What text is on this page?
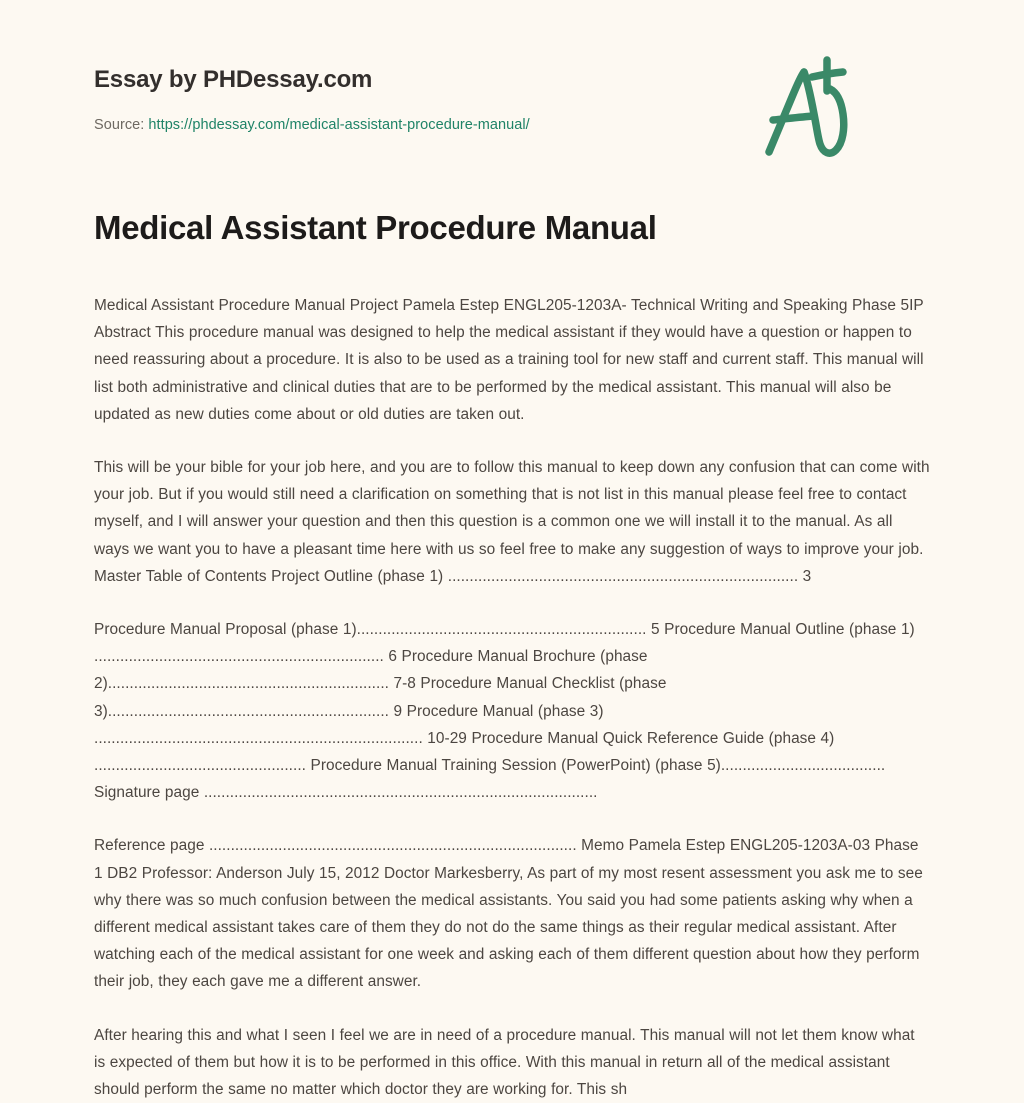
Essay by PHDessay.com
Source: https://phdessay.com/medical-assistant-procedure-manual/
Medical Assistant Procedure Manual

Medical Assistant Procedure Manual Project Pamela Estep ENGL205-1203A- Technical Writing and Speaking Phase 5IP Abstract This procedure manual was designed to help the medical assistant if they would have a question or happen to need reassuring about a procedure. It is also to be used as a training tool for new staff and current staff. This manual will list both administrative and clinical duties that are to be performed by the medical assistant. This manual will also be updated as new duties come about or old duties are taken out.

This will be your bible for your job here, and you are to follow this manual to keep down any confusion that can come with your job. But if you would still need a clarification on something that is not list in this manual please feel free to contact myself, and I will answer your question and then this question is a common one we will install it to the manual. As all ways we want you to have a pleasant time here with us so feel free to make any suggestion of ways to improve your job. Master Table of Contents Project Outline (phase 1) ................................................................................. 3

Procedure Manual Proposal (phase 1)................................................................... 5 Procedure Manual Outline (phase 1) ................................................................... 6 Procedure Manual Brochure (phase 2)................................................................. 7-8 Procedure Manual Checklist (phase 3)................................................................. 9 Procedure Manual (phase 3) ............................................................................ 10-29 Procedure Manual Quick Reference Guide (phase 4) ................................................. Procedure Manual Training Session (PowerPoint) (phase 5)...................................... Signature page ...........................................................................................

Reference page ..................................................................................... Memo Pamela Estep ENGL205-1203A-03 Phase 1 DB2 Professor: Anderson July 15, 2012 Doctor Markesberry, As part of my most resent assessment you ask me to see why there was so much confusion between the medical assistants. You said you had some patients asking why when a different medical assistant takes care of them they do not do the same things as their regular medical assistant. After watching each of the medical assistant for one week and asking each of them different question about how they perform their job, they each gave me a different answer.

After hearing this and what I seen I feel we are in need of a procedure manual. This manual will not let them know what is expected of them but how it is to be performed in this office. With this manual in return all of the medical assistant should perform the same no matter which doctor they are working for. This sh
